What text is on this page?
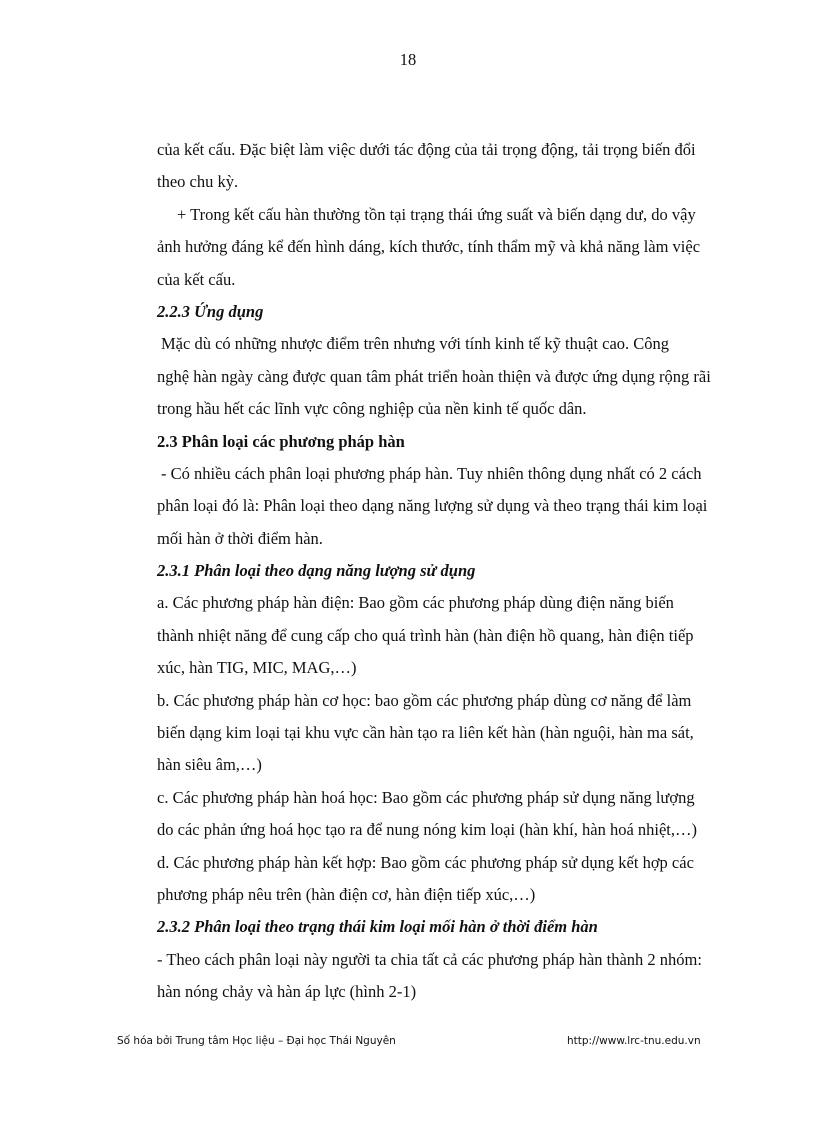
18
của kết cấu. Đặc biệt làm việc dưới tác động của tải trọng động, tải trọng biến đổi
theo chu kỳ.
+ Trong kết cấu hàn thường tồn tại trạng thái ứng suất và biến dạng dư, do vậy
ảnh hưởng đáng kể đến hình dáng, kích thước, tính thẩm mỹ và khả năng làm việc
của kết cấu.
2.2.3 Ứng dụng
Mặc dù có những nhược điểm trên nhưng với tính kinh tế kỹ thuật cao. Công
nghệ hàn ngày càng được quan tâm phát triển hoàn thiện và được ứng dụng rộng rãi
trong hầu hết các lĩnh vực công nghiệp của nền kinh tế quốc dân.
2.3 Phân loại các phương pháp hàn
- Có nhiều cách phân loại phương pháp hàn. Tuy nhiên thông dụng nhất có 2 cách
phân loại đó là: Phân loại theo dạng năng lượng sử dụng và theo trạng thái kim loại
mối hàn ở thời điểm hàn.
2.3.1 Phân loại theo dạng năng lượng sử dụng
a. Các phương pháp hàn điện: Bao gồm các phương pháp dùng điện năng biến
thành nhiệt năng để cung cấp cho quá trình hàn (hàn điện hồ quang, hàn điện tiếp
xúc, hàn TIG, MIC, MAG,…)
b. Các phương pháp hàn cơ học: bao gồm các phương pháp dùng cơ năng để làm
biến dạng kim loại tại khu vực cần hàn tạo ra liên kết hàn (hàn nguội, hàn ma sát,
hàn siêu âm,…)
c. Các phương pháp hàn hoá học: Bao gồm các phương pháp sử dụng năng lượng
do các phản ứng hoá học tạo ra để nung nóng kim loại (hàn khí, hàn hoá nhiệt,…)
d. Các phương pháp hàn kết hợp: Bao gồm các phương pháp sử dụng kết hợp các
phương pháp nêu trên (hàn điện cơ, hàn điện tiếp xúc,…)
2.3.2 Phân loại theo trạng thái kim loại mối hàn ở thời điểm hàn
- Theo cách phân loại này người ta chia tất cả các phương pháp hàn thành 2 nhóm:
hàn nóng chảy và hàn áp lực (hình 2-1)
Số hóa bởi Trung tâm Học liệu – Đại học Thái Nguyên	http://www.lrc-tnu.edu.vn
